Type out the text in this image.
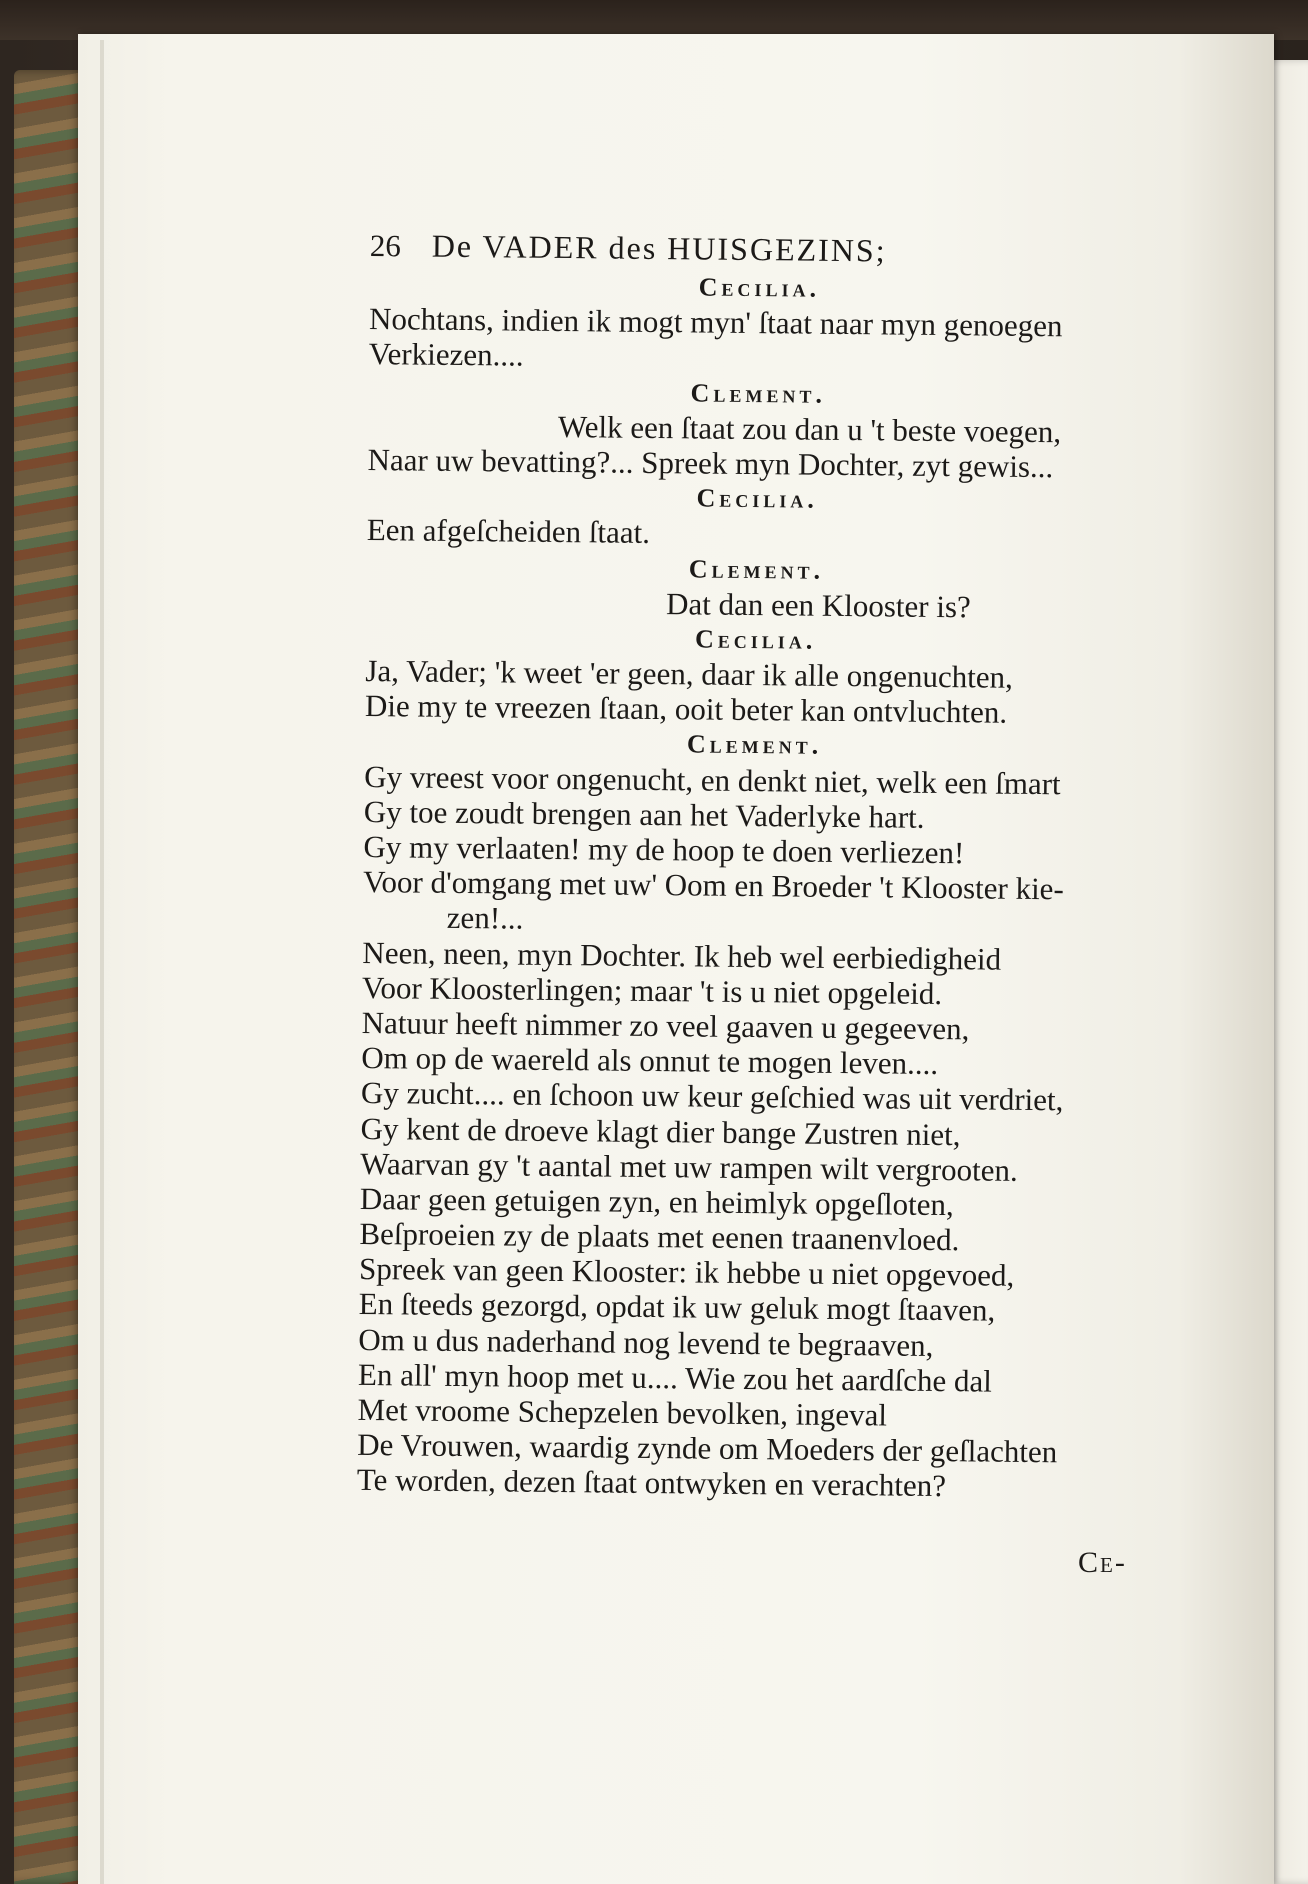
26 De VADER des HUISGEZINS;
Cecilia.
Nochtans, indien ik mogt myn' ſtaat naar myn genoegen
Verkiezen....
Clement.
Welk een ſtaat zou dan u 't beste voegen,
Naar uw bevatting?... Spreek myn Dochter, zyt gewis...
Cecilia.
Een afgeſcheiden ſtaat.
Clement.
Dat dan een Klooster is?
Cecilia.
Ja, Vader; 'k weet 'er geen, daar ik alle ongenuchten,
Die my te vreezen ſtaan, ooit beter kan ontvluchten.
Clement.
Gy vreest voor ongenucht, en denkt niet, welk een ſmart
Gy toe zoudt brengen aan het Vaderlyke hart.
Gy my verlaaten! my de hoop te doen verliezen!
Voor d'omgang met uw' Oom en Broeder 't Klooster kie-
zen!...
Neen, neen, myn Dochter. Ik heb wel eerbiedigheid
Voor Kloosterlingen; maar 't is u niet opgeleid.
Natuur heeft nimmer zo veel gaaven u gegeeven,
Om op de waereld als onnut te mogen leven....
Gy zucht.... en ſchoon uw keur geſchied was uit verdriet,
Gy kent de droeve klagt dier bange Zustren niet,
Waarvan gy 't aantal met uw rampen wilt vergrooten.
Daar geen getuigen zyn, en heimlyk opgeſloten,
Beſproeien zy de plaats met eenen traanenvloed.
Spreek van geen Klooster: ik hebbe u niet opgevoed,
En ſteeds gezorgd, opdat ik uw geluk mogt ſtaaven,
Om u dus naderhand nog levend te begraaven,
En all' myn hoop met u.... Wie zou het aardſche dal
Met vroome Schepzelen bevolken, ingeval
De Vrouwen, waardig zynde om Moeders der geſlachten
Te worden, dezen ſtaat ontwyken en verachten?
Ce-
